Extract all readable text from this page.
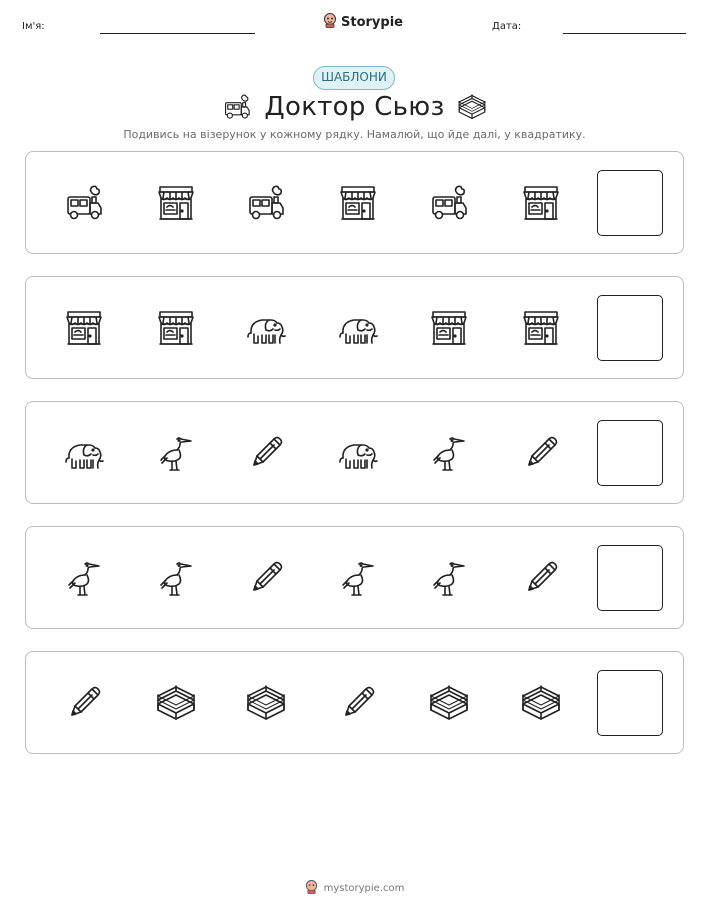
Ім'я:	Storypie	Дата:
ШАБЛОНИ
Доктор Сьюз
Подивись на візерунок у кожному рядку. Намалюй, що йде далі, у квадратику.
mystorypie.com
